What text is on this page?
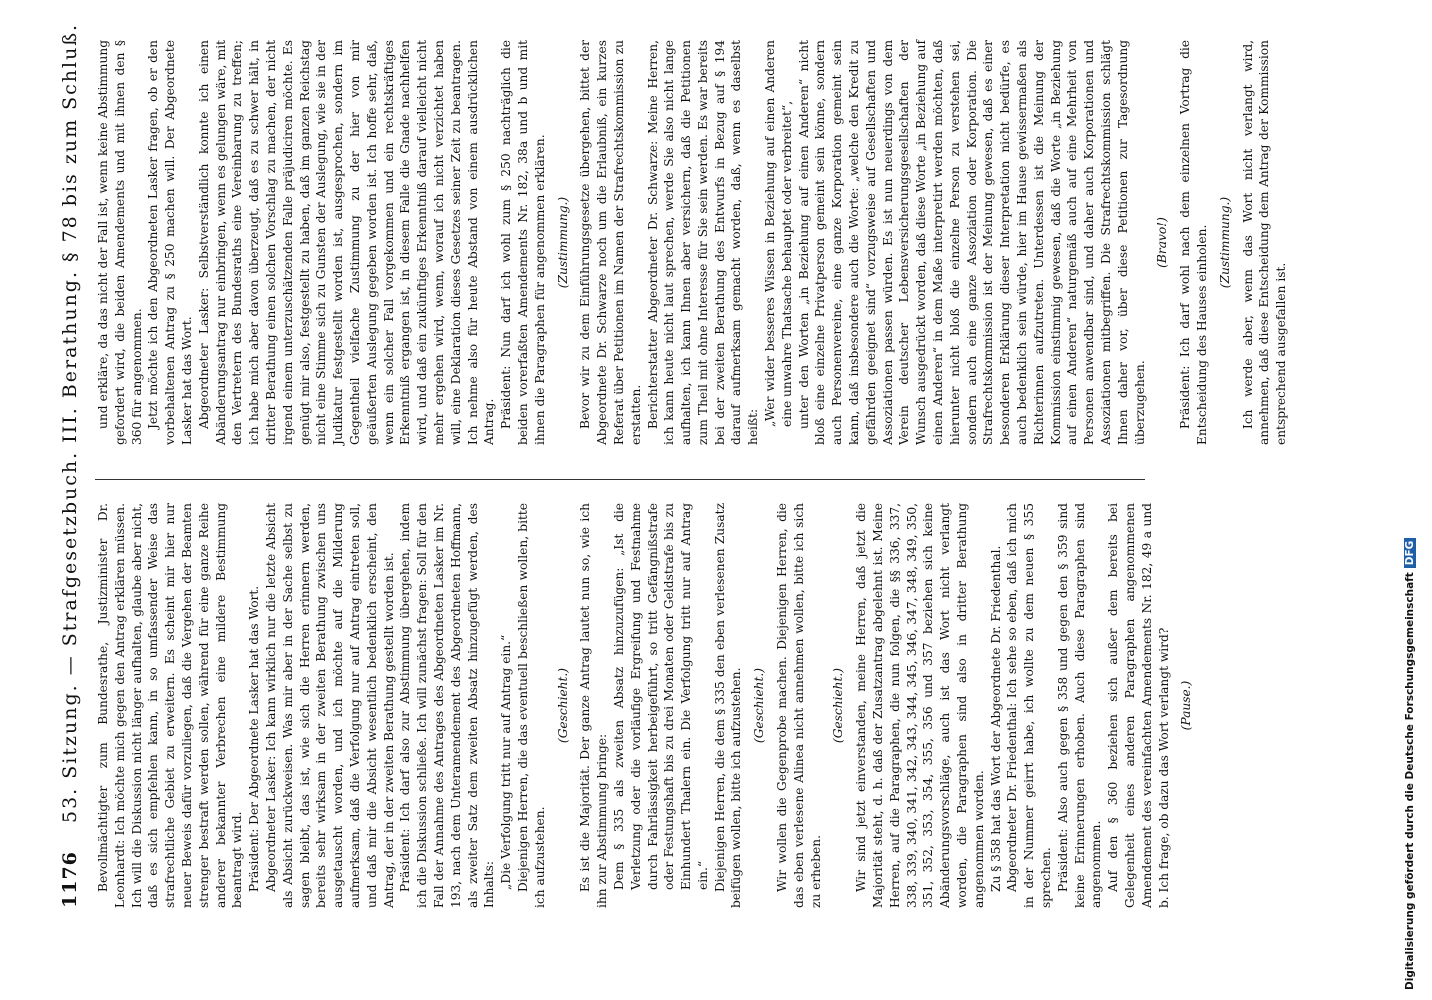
1176
53. Sitzung. — Strafgesetzbuch. III. Berathung. § 78 bis zum Schluß. Bevollmächtigter zum Bundesrathe, Justizminister Dr. Leonhardt: Ich möchte mich gegen den Antrag erklären müssen. Ich will die Diskussion nicht länger aufhalten, glaube aber nicht, daß es sich empfehlen kann, in so umfassender Weise das strafrechtliche Gebiet zu erweitern. Es scheint mir hier nur neuer Beweis dafür vorzuliegen, daß die Vergehen der Beamten strenger bestraft werden sollen, während für eine ganze Reihe anderer bekannter Verbrechen eine mildere Bestimmung beantragt wird. Präsident: Der Abgeordnete Lasker hat das Wort. Abgeordneter Lasker: Ich kann wirklich nur die letzte Absicht als Absicht zurückweisen. Was mir aber in der Sache selbst zu sagen bleibt, das ist, wie sich die Herren erinnern werden, bereits sehr wirksam in der zweiten Berathung zwischen uns ausgetauscht worden, und ich möchte auf die Milderung aufmerksam, daß die Verfolgung nur auf Antrag eintreten soll, und daß mir die Absicht wesentlich bedenklich erscheint, den Antrag, der in der zweiten Berathung gestellt worden ist. Präsident: Ich darf also zur Abstimmung übergehen, indem ich die Diskussion schließe. Ich will zunächst fragen: Soll für den Fall der Annahme des Antrages des Abgeordneten Lasker im Nr. 193, nach dem Unteramendement des Abgeordneten Hoffmann, als zweiter Satz dem zweiten Absatz hinzugefügt werden, des Inhalts: „Die Verfolgung tritt nur auf Antrag ein.“ Diejenigen Herren, die das eventuell beschließen wollen, bitte ich aufzustehen.

(Geschieht.) Es ist die Majorität. Der ganze Antrag lautet nun so, wie ich ihn zur Abstimmung bringe: Dem § 335 als zweiten Absatz hinzuzufügen: „Ist die Verletzung oder die vorläufige Ergreifung und Festnahme durch Fahrlässigkeit herbeigeführt, so tritt Gefängnißstrafe oder Festungshaft bis zu drei Monaten oder Geldstrafe bis zu Einhundert Thalern ein. Die Verfolgung tritt nur auf Antrag ein.“ Diejenigen Herren, die dem § 335 den eben verlesenen Zusatz beifügen wollen, bitte ich aufzustehen. (Geschieht.) Wir wollen die Gegenprobe machen. Diejenigen Herren, die das eben verlesene Alinea nicht annehmen wollen, bitte ich sich zu erheben.

(Geschieht.) Wir sind jetzt einverstanden, meine Herren, daß jetzt die Majorität steht, d. h. daß der Zusatzantrag abgelehnt ist. Meine Herren, auf die Paragraphen, die nun folgen, die §§ 336, 337, 338, 339, 340, 341, 342, 343, 344, 345, 346, 347, 348, 349, 350, 351, 352, 353, 354, 355, 356 und 357 beziehen sich keine Abänderungsvorschläge, auch ist das Wort nicht verlangt worden, die Paragraphen sind also in dritter Berathung angenommen worden. Zu § 358 hat das Wort der Abgeordnete Dr. Friedenthal. Abgeordneter Dr. Friedenthal: Ich sehe so eben, daß ich mich in der Nummer geirrt habe, ich wollte zu dem neuen § 355 sprechen. Präsident: Also auch gegen § 358 und gegen den § 359 sind keine Erinnerungen erhoben. Auch diese Paragraphen sind angenommen. Auf den § 360 beziehen sich außer dem bereits bei Gelegenheit eines anderen Paragraphen angenommenen Amendement des vereinfachten Amendements Nr. 182, 49 a und b. Ich frage, ob dazu das Wort verlangt wird? (Pause.)

und erkläre, da das nicht der Fall ist, wenn keine Abstimmung gefordert wird, die beiden Amendements und mit ihnen den § 360 für angenommen. Jetzt möchte ich den Abgeordneten Lasker fragen, ob er den vorbehaltenen Antrag zu § 250 machen will. Der Abgeordnete Lasker hat das Wort. Abgeordneter Lasker: Selbstverständlich konnte ich einen Abänderungsantrag nur einbringen, wenn es gelungen wäre, mit den Vertretern des Bundesraths eine Vereinbarung zu treffen; ich habe mich aber davon überzeugt, daß es zu schwer hält, in dritter Berathung einen solchen Vorschlag zu machen, der nicht irgend einem unterzuschätzenden Falle präjudiciren möchte. Es genügt mir also, festgestellt zu haben, daß im ganzen Reichstag nicht eine Stimme sich zu Gunsten der Auslegung, wie sie in der Judikatur festgestellt worden ist, ausgesprochen, sondern im Gegentheil vielfache Zustimmung zu der hier von mir geäußerten Auslegung gegeben worden ist. Ich hoffe sehr, daß, wenn ein solcher Fall vorgekommen und ein rechtskräftiges Erkenntniß ergangen ist, in diesem Falle die Gnade nachhelfen wird, und daß ein zukünftiges Erkenntniß darauf vielleicht nicht mehr ergehen wird, wenn, worauf ich nicht verzichtet haben will, eine Deklaration dieses Gesetzes seiner Zeit zu beantragen. Ich nehme also für heute Abstand von einem ausdrücklichen Antrag. Präsident: Nun darf ich wohl zum § 250 nachträglich die beiden vorerfaßten Amendements Nr. 182, 38a und b und mit ihnen die Paragraphen für angenommen erklären. (Zustimmung.) Bevor wir zu dem Einführungsgesetze übergehen, bittet der Abgeordnete Dr. Schwarze noch um die Erlaubniß, ein kurzes Referat über Petitionen im Namen der Strafrechtskommission zu erstatten. Berichterstatter Abgeordneter Dr. Schwarze: Meine Herren, ich kann heute nicht laut sprechen, werde Sie also nicht lange aufhalten, ich kann Ihnen aber versichern, daß die Petitionen zum Theil mit ohne Interesse für Sie sein werden. Es war bereits bei der zweiten Berathung des Entwurfs in Bezug auf § 194 darauf aufmerksam gemacht worden, daß, wenn es daselbst heißt: „Wer wider besseres Wissen in Beziehung auf einen Anderen eine unwahre Thatsache behauptet oder verbreitet“, unter den Worten „in Beziehung auf einen Anderen“ nicht bloß eine einzelne Privatperson gemeint sein könne, sondern auch Personenvereine, eine ganze Korporation gemeint sein kann, daß insbesondere auch die Worte: „welche den Kredit zu gefährden geeignet sind“ vorzugsweise auf Gesellschaften und Assoziationen passen würden. Es ist nun neuerdings von dem Verein deutscher Lebensversicherungsgesellschaften der Wunsch ausgedrückt worden, daß diese Worte „in Beziehung auf einen Anderen“ in dem Maße interpretirt werden möchten, daß hierunter nicht bloß die einzelne Person zu verstehen sei, sondern auch eine ganze Assoziation oder Korporation. Die Strafrechtskommission ist der Meinung gewesen, daß es einer besonderen Erklärung dieser Interpretation nicht bedürfe, es auch bedenklich sein würde, hier im Hause gewissermaßen als Richterinnen aufzutreten. Unterdessen ist die Meinung der Kommission einstimmig gewesen, daß die Worte „in Beziehung auf einen Anderen“ naturgemäß auch auf eine Mehrheit von Personen anwendbar sind, und daher auch Korporationen und Assoziationen mitbegriffen. Die Strafrechtskommission schlägt Ihnen daher vor, über diese Petitionen zur Tagesordnung überzugehen.

(Bravo!) Präsident: Ich darf wohl nach dem einzelnen Vortrag die Entscheidung des Hauses einholen. (Zustimmung.) Ich werde aber, wenn das Wort nicht verlangt wird, annehmen, daß diese Entscheidung dem Antrag der Kommission entsprechend ausgefallen ist.

Digitalisierung gefördert durch die Deutsche ForschungsgemeinschaftDFG
